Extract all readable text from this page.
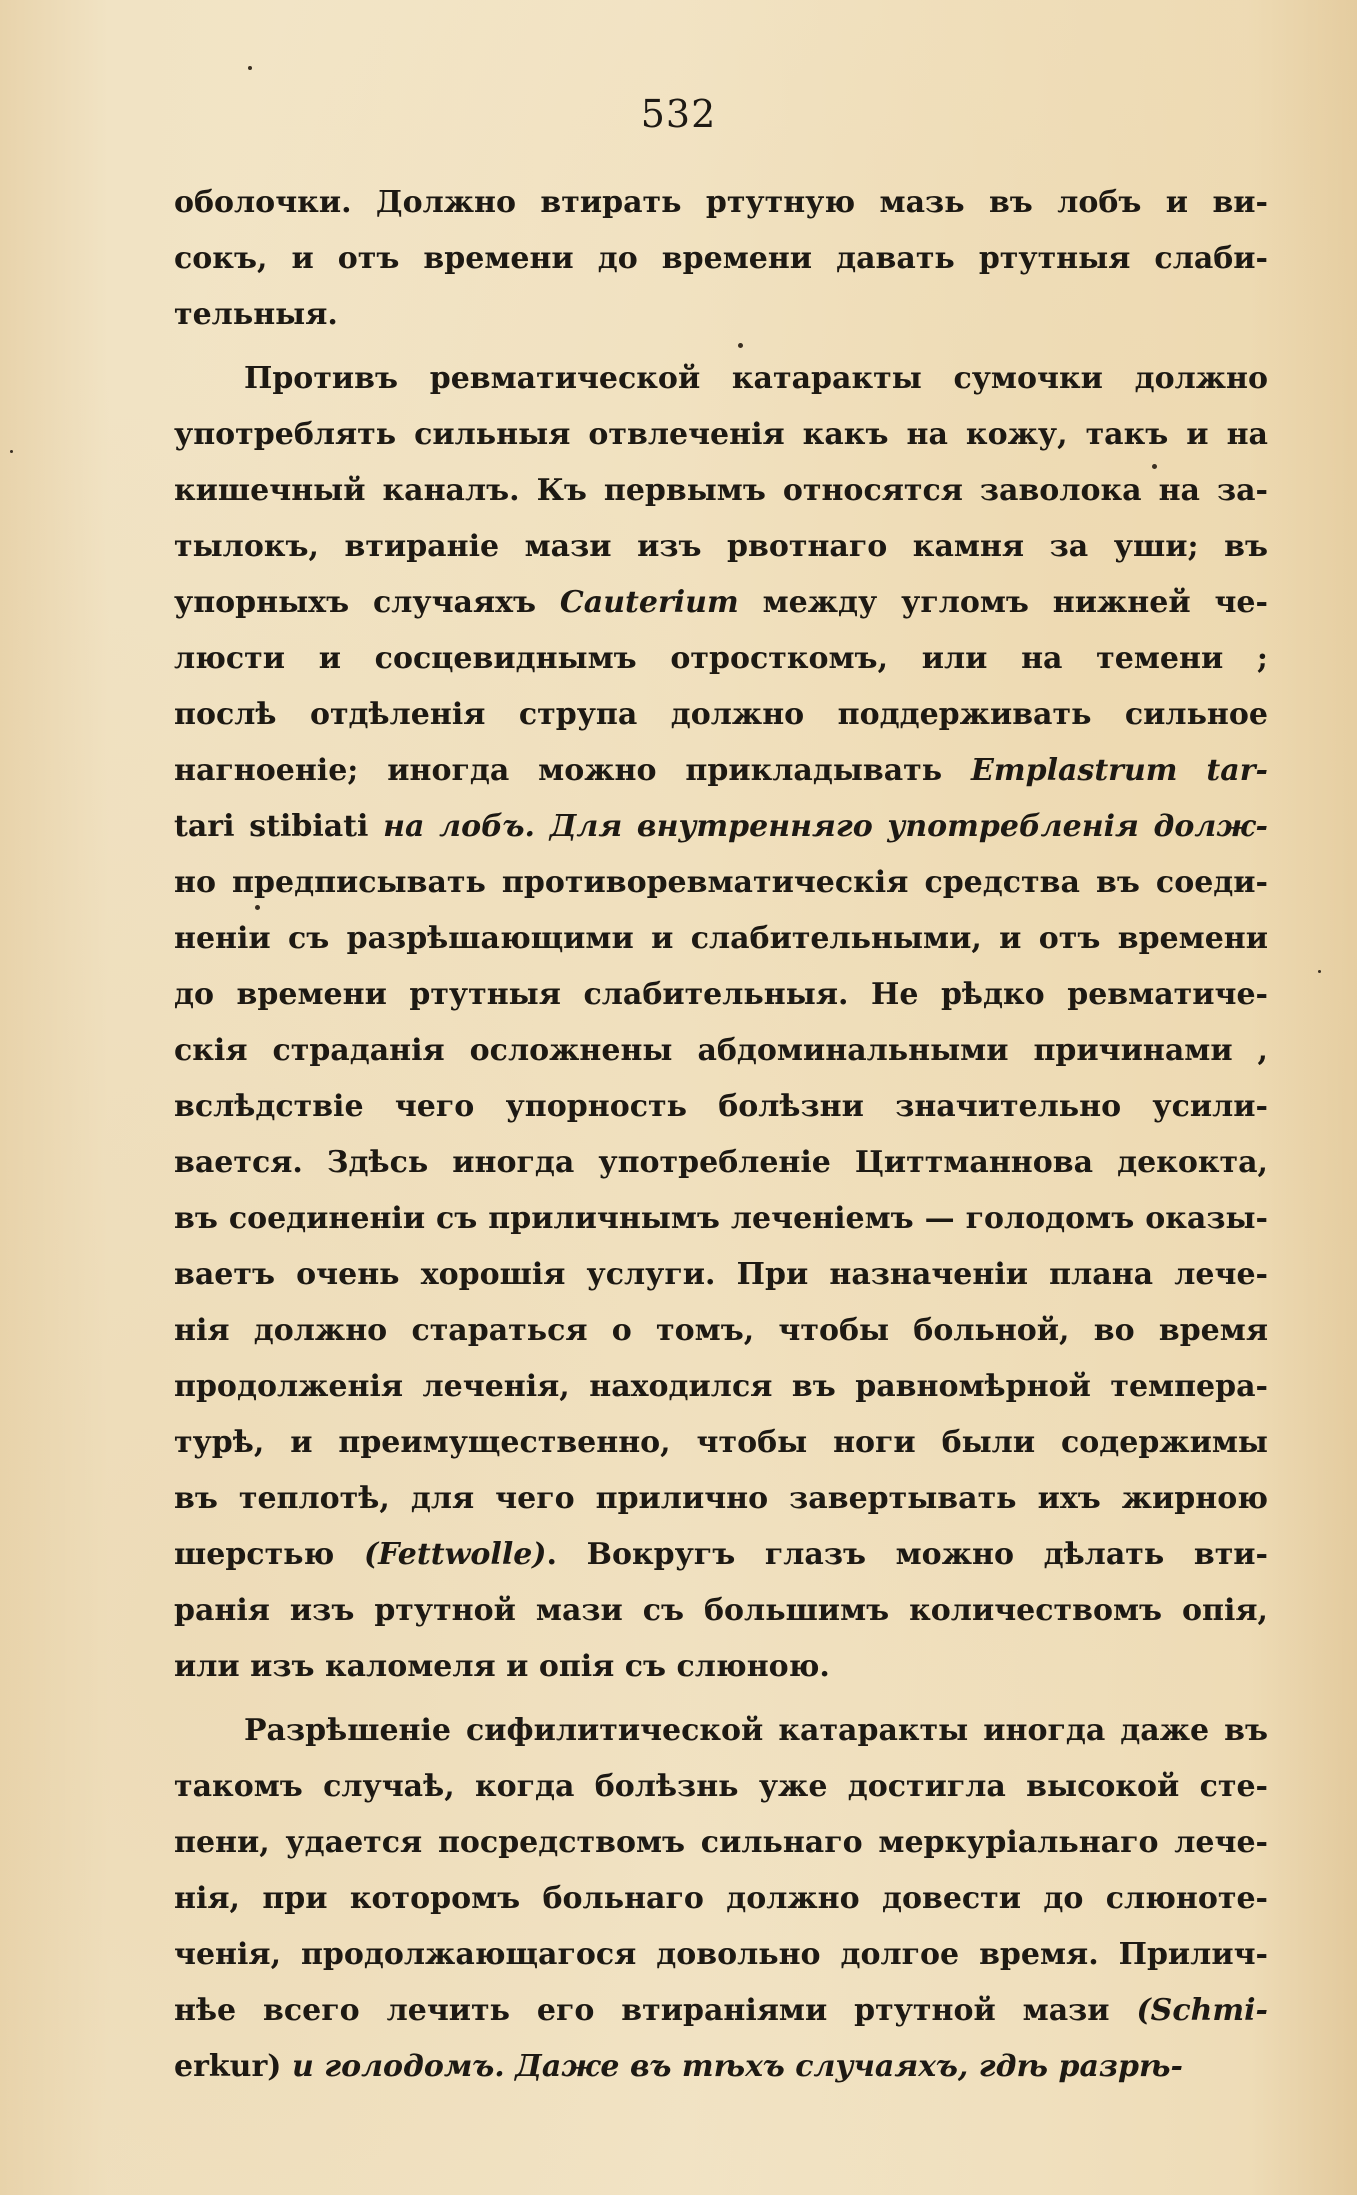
532
оболочки. Должно втирать ртутную мазь въ лобъ и ви-
сокъ, и отъ времени до времени давать ртутныя слаби-
тельныя.
Противъ ревматической катаракты сумочки должно
употреблять сильныя отвлеченія какъ на кожу, такъ и на
кишечный каналъ. Къ первымъ относятся заволока на за-
тылокъ, втираніе мази изъ рвотнаго камня за уши; въ
упорныхъ случаяхъ Cauterium между угломъ нижней че-
люсти и сосцевиднымъ отросткомъ, или на темени ;
послѣ отдѣленія струпа должно поддерживать сильное
нагноеніе; иногда можно прикладывать Emplastrum tar-
tari stibiati на лобъ. Для внутренняго употребленія долж-
но предписывать противоревматическія средства въ соеди-
неніи съ разрѣшающими и слабительными, и отъ времени
до времени ртутныя слабительныя. Не рѣдко ревматиче-
скія страданія осложнены абдоминальными причинами ,
вслѣдствіе чего упорность болѣзни значительно усили-
вается. Здѣсь иногда употребленіе Циттманнова декокта,
въ соединеніи съ приличнымъ леченіемъ — голодомъ оказы-
ваетъ очень хорошія услуги. При назначеніи плана лече-
нія должно стараться о томъ, чтобы больной, во время
продолженія леченія, находился въ равномѣрной темпера-
турѣ, и преимущественно, чтобы ноги были содержимы
въ теплотѣ, для чего прилично завертывать ихъ жирною
шерстью (Fettwolle). Вокругъ глазъ можно дѣлать вти-
ранія изъ ртутной мази съ большимъ количествомъ опія,
или изъ каломеля и опія съ слюною.
Разрѣшеніе сифилитической катаракты иногда даже въ
такомъ случаѣ, когда болѣзнь уже достигла высокой сте-
пени, удается посредствомъ сильнаго меркуріальнаго лече-
нія, при которомъ больнаго должно довести до слюноте-
ченія, продолжающагося довольно долгое время. Прилич-
нѣе всего лечить его втираніями ртутной мази (Schmi-
erkur) и голодомъ. Даже въ тѣхъ случаяхъ, гдѣ разрѣ-
